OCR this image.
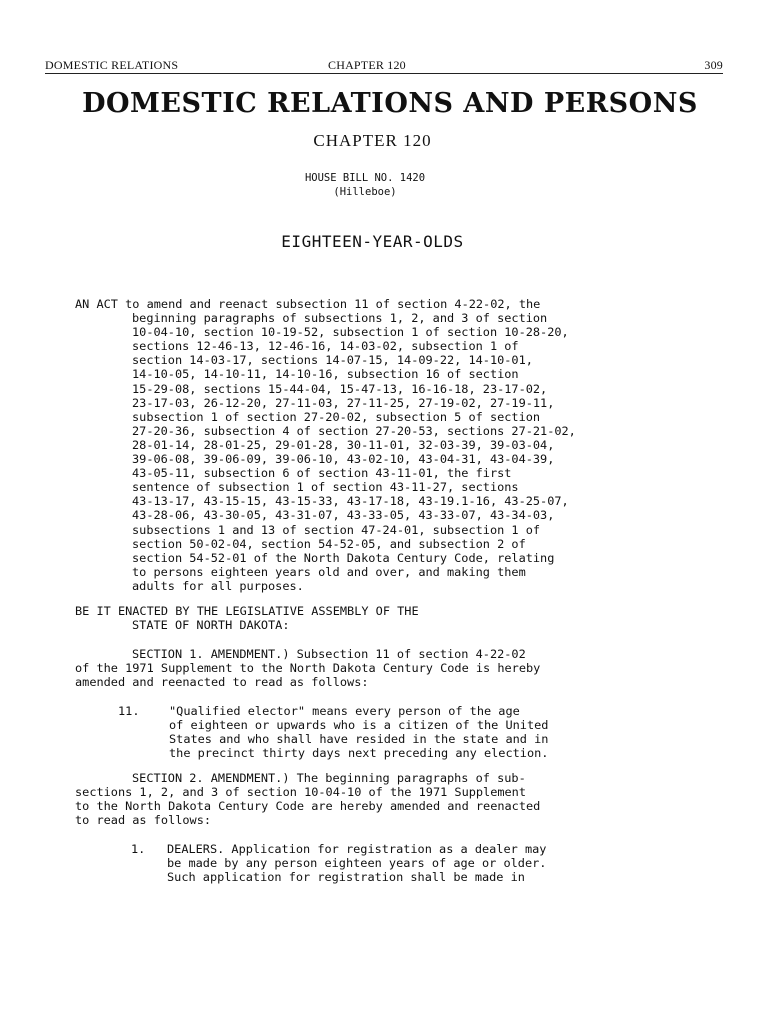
DOMESTIC RELATIONS	CHAPTER 120	309
DOMESTIC RELATIONS AND PERSONS
CHAPTER 120
HOUSE BILL NO. 1420
(Hilleboe)
EIGHTEEN-YEAR-OLDS
AN ACT to amend and reenact subsection 11 of section 4-22-02, the
beginning paragraphs of subsections 1, 2, and 3 of section
10-04-10, section 10-19-52, subsection 1 of section 10-28-20,
sections 12-46-13, 12-46-16, 14-03-02, subsection 1 of
section 14-03-17, sections 14-07-15, 14-09-22, 14-10-01,
14-10-05, 14-10-11, 14-10-16, subsection 16 of section
15-29-08, sections 15-44-04, 15-47-13, 16-16-18, 23-17-02,
23-17-03, 26-12-20, 27-11-03, 27-11-25, 27-19-02, 27-19-11,
subsection 1 of section 27-20-02, subsection 5 of section
27-20-36, subsection 4 of section 27-20-53, sections 27-21-02,
28-01-14, 28-01-25, 29-01-28, 30-11-01, 32-03-39, 39-03-04,
39-06-08, 39-06-09, 39-06-10, 43-02-10, 43-04-31, 43-04-39,
43-05-11, subsection 6 of section 43-11-01, the first
sentence of subsection 1 of section 43-11-27, sections
43-13-17, 43-15-15, 43-15-33, 43-17-18, 43-19.1-16, 43-25-07,
43-28-06, 43-30-05, 43-31-07, 43-33-05, 43-33-07, 43-34-03,
subsections 1 and 13 of section 47-24-01, subsection 1 of
section 50-02-04, section 54-52-05, and subsection 2 of
section 54-52-01 of the North Dakota Century Code, relating
to persons eighteen years old and over, and making them
adults for all purposes.
BE IT ENACTED BY THE LEGISLATIVE ASSEMBLY OF THE
STATE OF NORTH DAKOTA:
SECTION 1. AMENDMENT.) Subsection 11 of section 4-22-02
of the 1971 Supplement to the North Dakota Century Code is hereby
amended and reenacted to read as follows:
11. "Qualified elector" means every person of the age
of eighteen or upwards who is a citizen of the United
States and who shall have resided in the state and in
the precinct thirty days next preceding any election.
SECTION 2. AMENDMENT.) The beginning paragraphs of sub-
sections 1, 2, and 3 of section 10-04-10 of the 1971 Supplement
to the North Dakota Century Code are hereby amended and reenacted
to read as follows:
1. DEALERS. Application for registration as a dealer may
be made by any person eighteen years of age or older.
Such application for registration shall be made in
